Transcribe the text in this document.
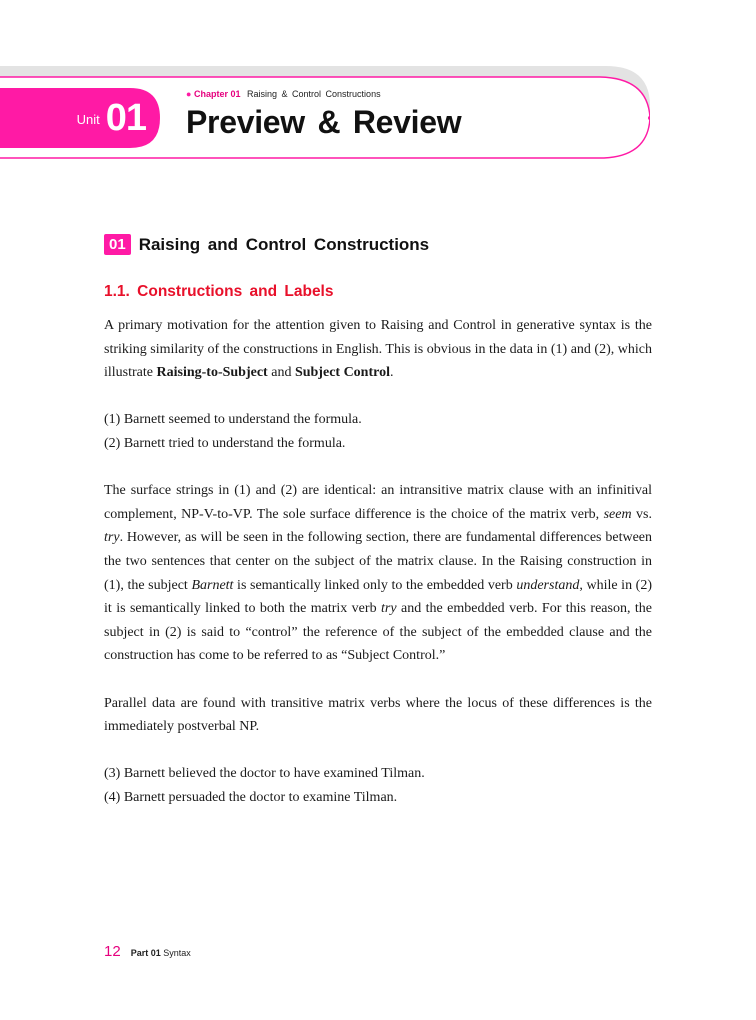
Unit 01
● Chapter 01 Raising & Control Constructions
Preview & Review
01 Raising and Control Constructions
1.1. Constructions and Labels

A primary motivation for the attention given to Raising and Control in generative syntax is the striking similarity of the constructions in English. This is obvious in the data in (1) and (2), which illustrate Raising-to-Subject and Subject Control.

(1) Barnett seemed to understand the formula.

(2) Barnett tried to understand the formula.

The surface strings in (1) and (2) are identical: an intransitive matrix clause with an infinitival complement, NP-V-to-VP. The sole surface difference is the choice of the matrix verb, seem vs. try. However, as will be seen in the following section, there are fundamental differences between the two sentences that center on the subject of the matrix clause. In the Raising construction in (1), the subject Barnett is semantically linked only to the embedded verb understand, while in (2) it is semantically linked to both the matrix verb try and the embedded verb. For this reason, the subject in (2) is said to “control” the reference of the subject of the embedded clause and the construction has come to be referred to as “Subject Control.”

Parallel data are found with transitive matrix verbs where the locus of these differences is the immediately postverbal NP.

(3) Barnett believed the doctor to have examined Tilman.

(4) Barnett persuaded the doctor to examine Tilman.

12 Part 01 Syntax
